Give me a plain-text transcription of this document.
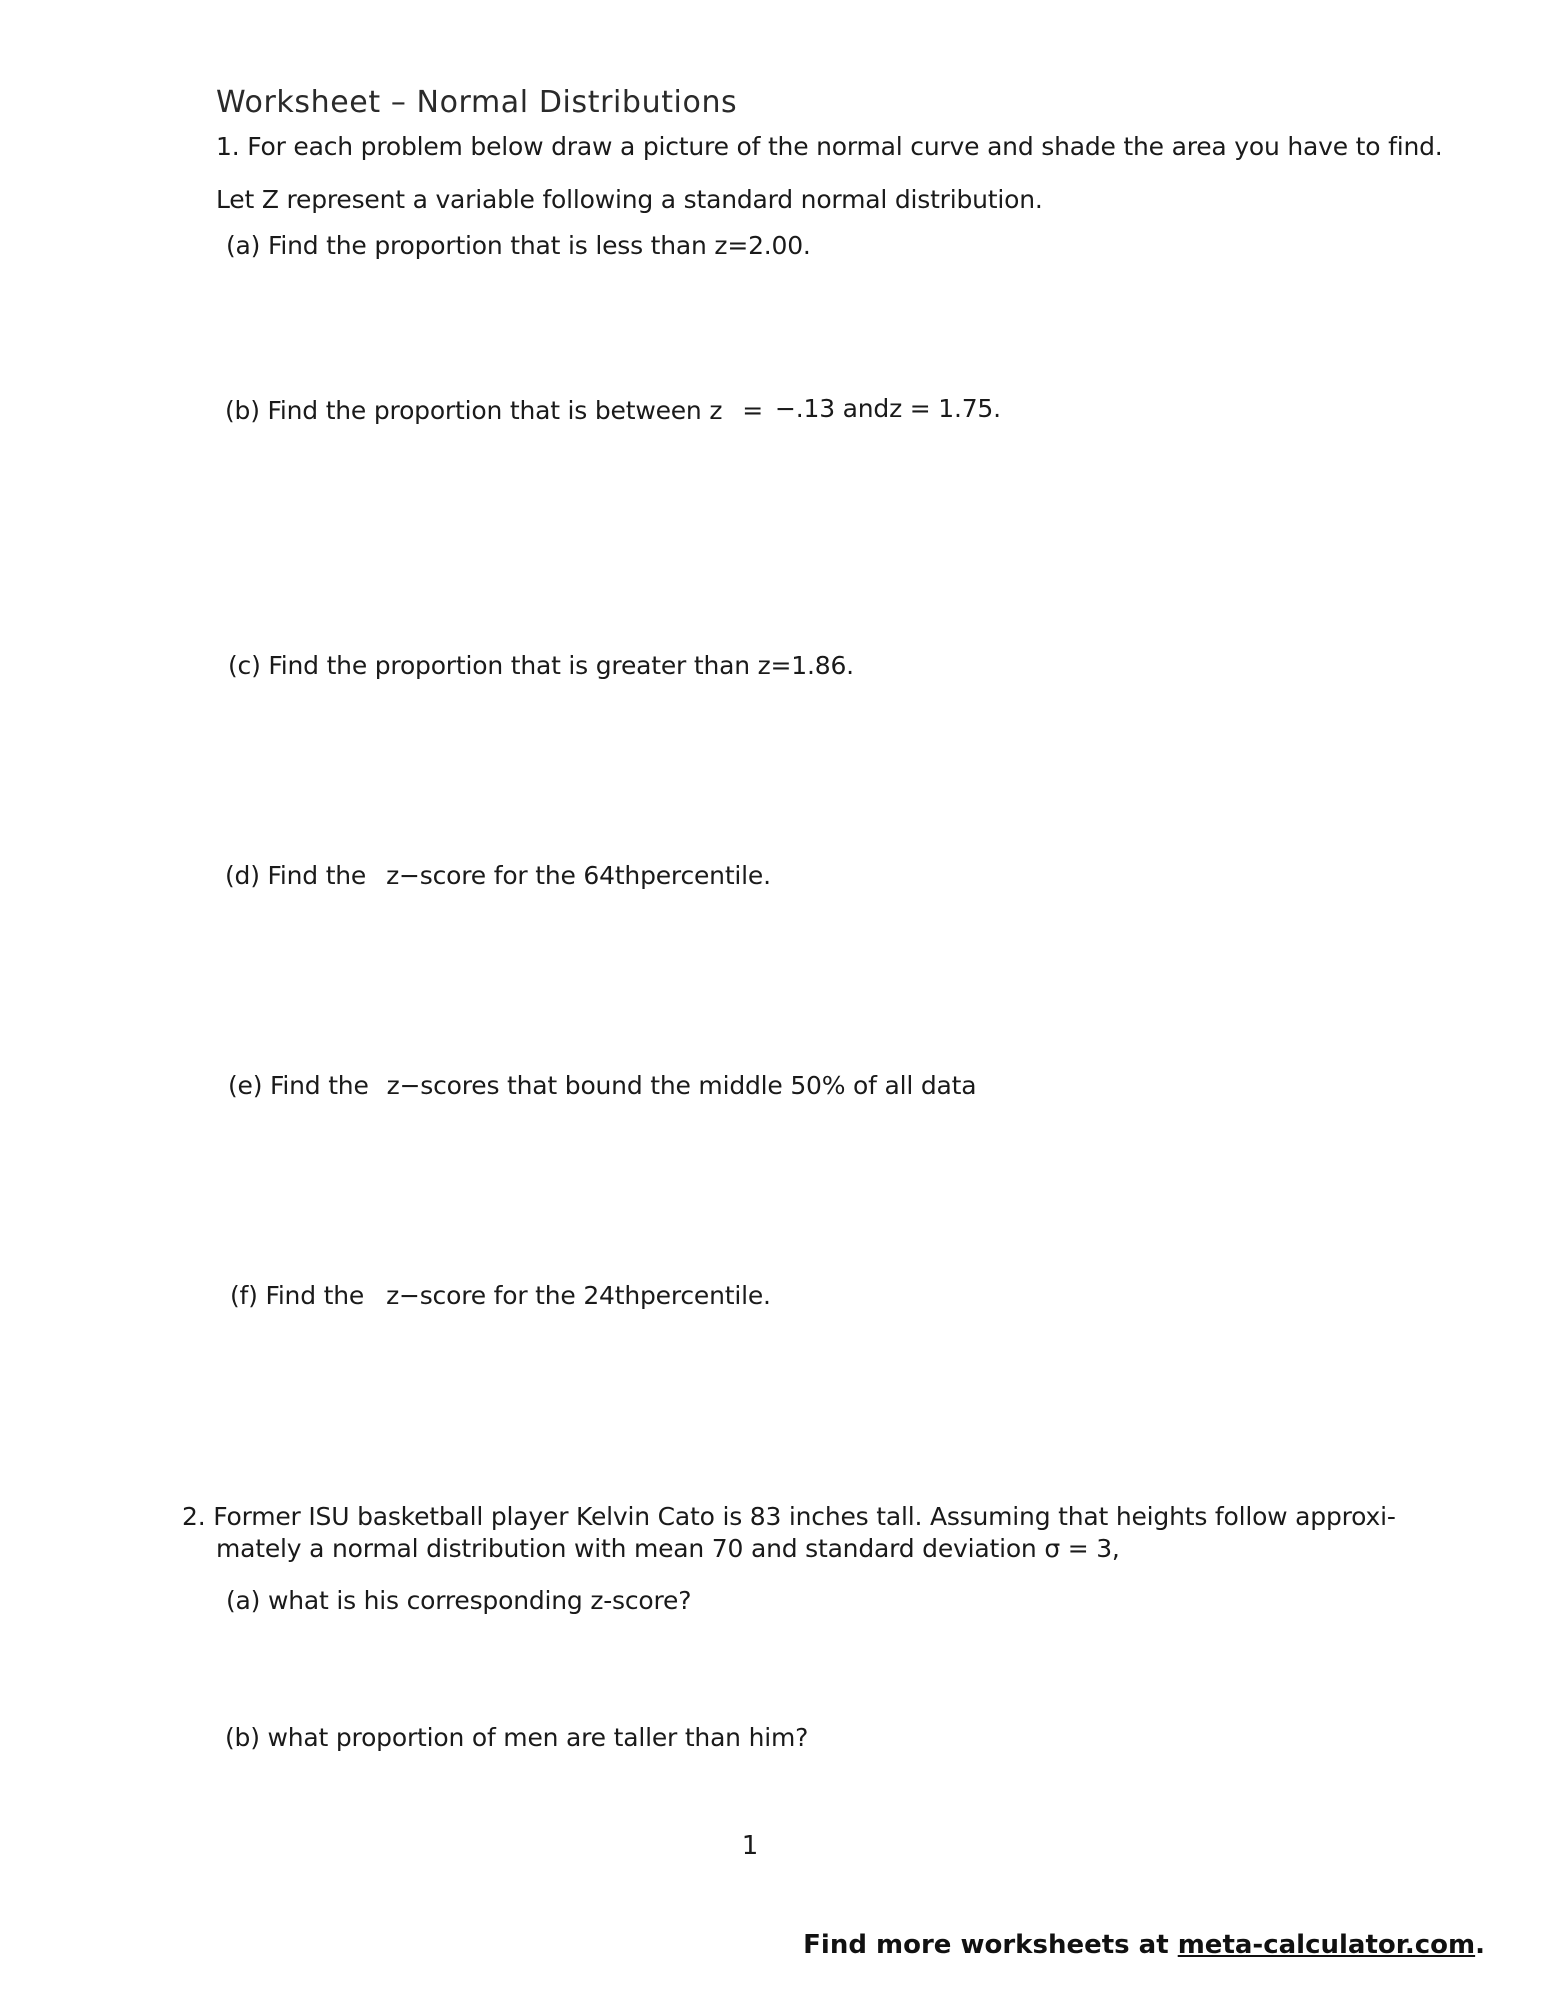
Worksheet – Normal Distributions
1. For each problem below draw a picture of the normal curve and shade the area you have to find.
Let Z represent a variable following a standard normal distribution.
(a) Find the proportion that is less than z=2.00.
(b) Find the proportion that is between z = −.13 andz = 1.75.
(c) Find the proportion that is greater than z=1.86.
(d) Find the z−score for the 64thpercentile.
(e) Find the z−scores that bound the middle 50% of all data
(f) Find the z−score for the 24thpercentile.
2. Former ISU basketball player Kelvin Cato is 83 inches tall. Assuming that heights follow approxi-
mately a normal distribution with mean 70 and standard deviation σ = 3,
(a) what is his corresponding z-score?
(b) what proportion of men are taller than him?
1
Find more worksheets at meta-calculator.com.
